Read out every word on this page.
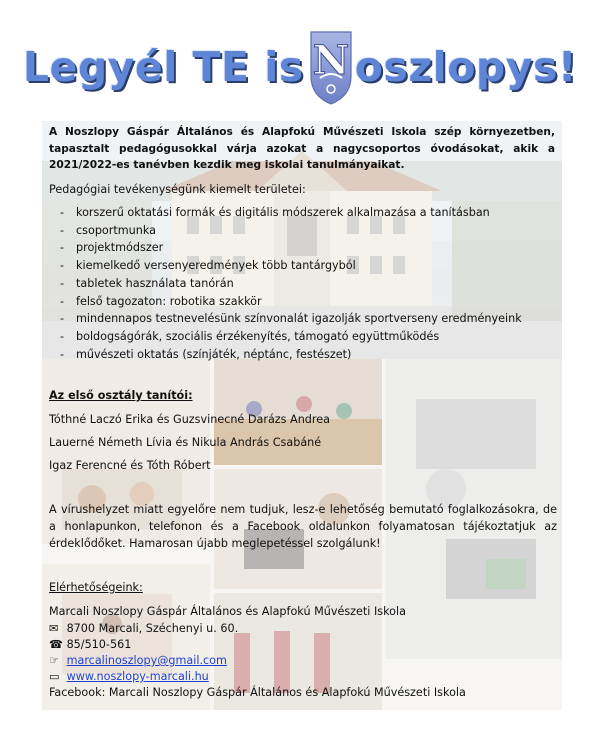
Legyél TE is N oszlopys!
A Noszlopy Gáspár Általános és Alapfokú Művészeti Iskola szép környezetben, tapasztalt pedagógusokkal várja azokat a nagycsoportos óvodásokat, akik a 2021/2022-es tanévben kezdik meg iskolai tanulmányaikat.
Pedagógiai tevékenységünk kiemelt területei:
- korszerű oktatási formák és digitális módszerek alkalmazása a tanításban
- csoportmunka
- projektmódszer
- kiemelkedő versenyeredmények több tantárgyból
- tabletek használata tanórán
- felső tagozaton: robotika szakkör
- mindennapos testnevelésünk színvonalát igazolják sportverseny eredményeink
- boldogságórák, szociális érzékenyítés, támogató együttműködés
- művészeti oktatás (színjáték, néptánc, festészet)
Az első osztály tanítói:
Tóthné Laczó Erika és Guzsvinecné Darázs Andrea
Lauerné Németh Lívia és Nikula András Csabáné
Igaz Ferencné és Tóth Róbert
A vírushelyzet miatt egyelőre nem tudjuk, lesz-e lehetőség bemutató foglalkozásokra, de a honlapunkon, telefonon és a Facebook oldalunkon folyamatosan tájékoztatjuk az érdeklődőket. Hamarosan újabb meglepetéssel szolgálunk!
Elérhetőségeink:
Marcali Noszlopy Gáspár Általános és Alapfokú Művészeti Iskola
✉ 8700 Marcali, Széchenyi u. 60.
☎ 85/510-561
☞ marcalinoszlopy@gmail.com
▭ www.noszlopy-marcali.hu
Facebook: Marcali Noszlopy Gáspár Általános és Alapfokú Művészeti Iskola
